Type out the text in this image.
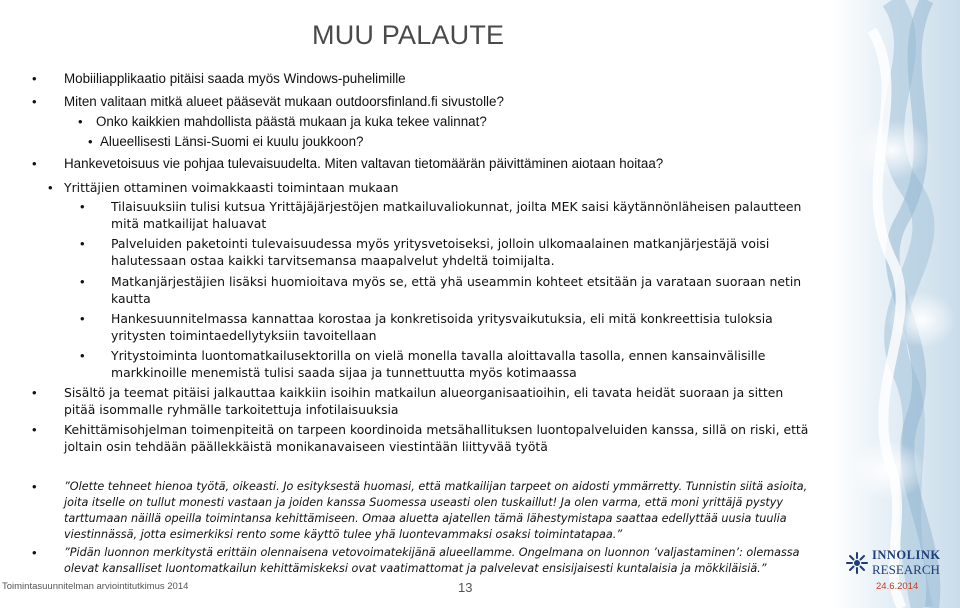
MUU PALAUTE
• Mobiiliapplikaatio pitäisi saada myös Windows-puhelimille
• Miten valitaan mitkä alueet pääsevät mukaan outdoorsfinland.fi sivustolle?
• Onko kaikkien mahdollista päästä mukaan ja kuka tekee valinnat?
• Alueellisesti Länsi-Suomi ei kuulu joukkoon?
• Hankevetoisuus vie pohjaa tulevaisuudelta. Miten valtavan tietomäärän päivittäminen aiotaan hoitaa?
• Yrittäjien ottaminen voimakkaasti toimintaan mukaan
• Tilaisuuksiin tulisi kutsua Yrittäjäjärjestöjen matkailuvaliokunnat, joilta MEK saisi käytännönläheisen palautteen
mitä matkailijat haluavat
• Palveluiden paketointi tulevaisuudessa myös yritysvetoiseksi, jolloin ulkomaalainen matkanjärjestäjä voisi
halutessaan ostaa kaikki tarvitsemansa maapalvelut yhdeltä toimijalta.
• Matkanjärjestäjien lisäksi huomioitava myös se, että yhä useammin kohteet etsitään ja varataan suoraan netin
kautta
• Hankesuunnitelmassa kannattaa korostaa ja konkretisoida yritysvaikutuksia, eli mitä konkreettisia tuloksia
yritysten toimintaedellytyksiin tavoitellaan
• Yritystoiminta luontomatkailusektorilla on vielä monella tavalla aloittavalla tasolla, ennen kansainvälisille
markkinoille menemistä tulisi saada sijaa ja tunnettuutta myös kotimaassa
• Sisältö ja teemat pitäisi jalkauttaa kaikkiin isoihin matkailun alueorganisaatioihin, eli tavata heidät suoraan ja sitten
pitää isommalle ryhmälle tarkoitettuja infotilaisuuksia
• Kehittämisohjelman toimenpiteitä on tarpeen koordinoida metsähallituksen luontopalveluiden kanssa, sillä on riski, että
joltain osin tehdään päällekkäistä monikanavaiseen viestintään liittyvää työtä
• ”Olette tehneet hienoa työtä, oikeasti. Jo esityksestä huomasi, että matkailijan tarpeet on aidosti ymmärretty. Tunnistin siitä asioita,
joita itselle on tullut monesti vastaan ja joiden kanssa Suomessa useasti olen tuskaillut! Ja olen varma, että moni yrittäjä pystyy
tarttumaan näillä opeilla toimintansa kehittämiseen. Omaa aluetta ajatellen tämä lähestymistapa saattaa edellyttää uusia tuulia
viestinnässä, jotta esimerkiksi rento some käyttö tulee yhä luontevammaksi osaksi toimintatapaa.”
• ”Pidän luonnon merkitystä erittäin olennaisena vetovoimatekijänä alueellamme. Ongelmana on luonnon ’valjastaminen’: olemassa
olevat kansalliset luontomatkailun kehittämiskeksi ovat vaatimattomat ja palvelevat ensisijaisesti kuntalaisia ja mökkiläisiä.”
Toimintasuunnitelman arviointitutkimus 2014	13	24.6.2014
INNOLINK
RESEARCH
